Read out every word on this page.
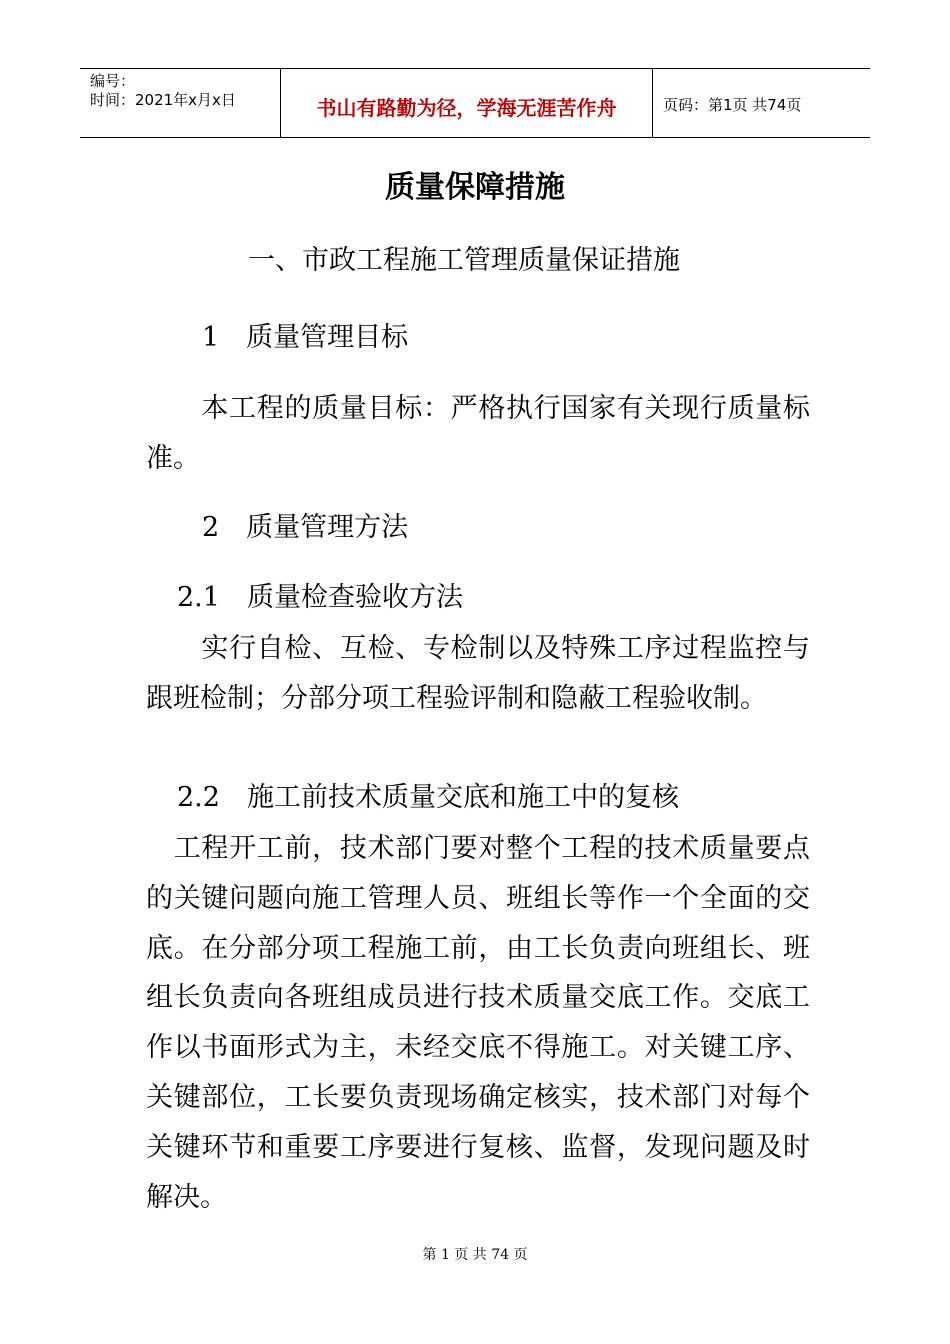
编号：
时间：2021年x月x日	书山有路勤为径，学海无涯苦作舟	页码：第1页 共74页
质量保障措施
一、市政工程施工管理质量保证措施
1　质量管理目标
　　本工程的质量目标：严格执行国家有关现行质量标准。
2　质量管理方法
2.1　质量检查验收方法
　　实行自检、互检、专检制以及特殊工序过程监控与跟班检制；分部分项工程验评制和隐蔽工程验收制。
2.2　施工前技术质量交底和施工中的复核
　工程开工前，技术部门要对整个工程的技术质量要点的关键问题向施工管理人员、班组长等作一个全面的交底。在分部分项工程施工前，由工长负责向班组长、班组长负责向各班组成员进行技术质量交底工作。交底工作以书面形式为主，未经交底不得施工。对关键工序、关键部位，工长要负责现场确定核实，技术部门对每个关键环节和重要工序要进行复核、监督，发现问题及时解决。
第 1 页 共 74 页
